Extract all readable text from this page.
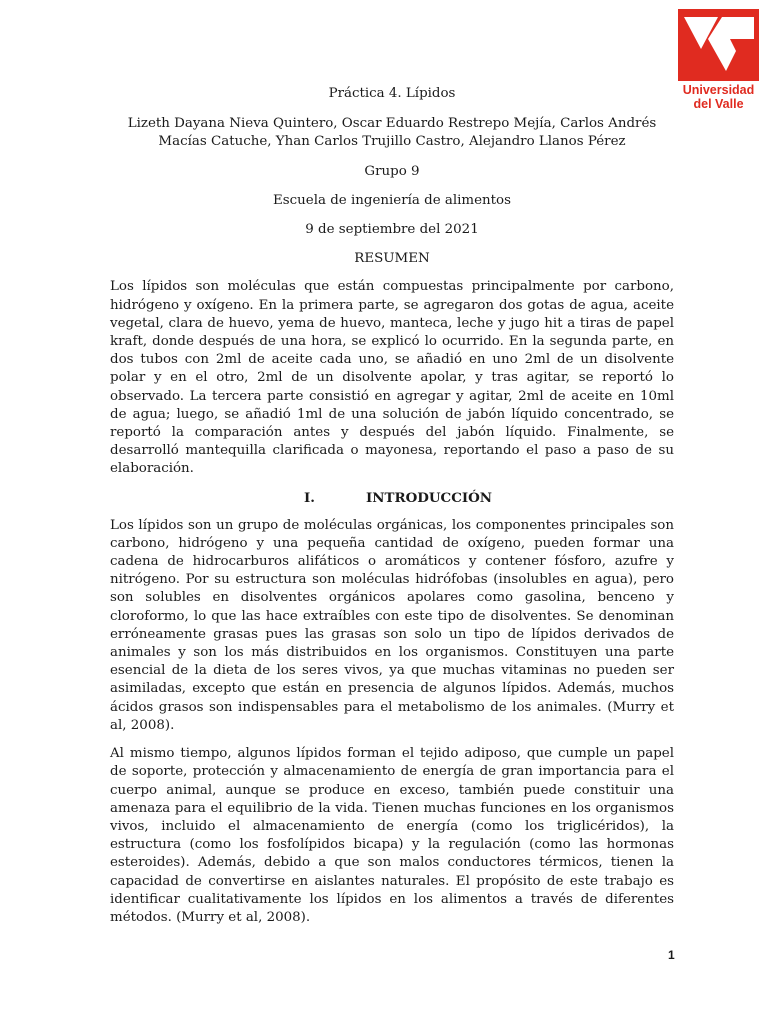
Universidad
del Valle

Práctica 4. Lípidos

Lizeth Dayana Nieva Quintero, Oscar Eduardo Restrepo Mejía, Carlos Andrés Macías Catuche, Yhan Carlos Trujillo Castro, Alejandro Llanos Pérez

Grupo 9

Escuela de ingeniería de alimentos

9 de septiembre del 2021

RESUMEN

Los lípidos son moléculas que están compuestas principalmente por carbono, hidrógeno y oxígeno. En la primera parte, se agregaron dos gotas de agua, aceite vegetal, clara de huevo, yema de huevo, manteca, leche y jugo hit a tiras de papel kraft, donde después de una hora, se explicó lo ocurrido. En la segunda parte, en dos tubos con 2ml de aceite cada uno, se añadió en uno 2ml de un disolvente polar y en el otro, 2ml de un disolvente apolar, y tras agitar, se reportó lo observado. La tercera parte consistió en agregar y agitar, 2ml de aceite en 10ml de agua; luego, se añadió 1ml de una solución de jabón líquido concentrado, se reportó la comparación antes y después del jabón líquido. Finalmente, se desarrolló mantequilla clarificada o mayonesa, reportando el paso a paso de su elaboración.

I.	INTRODUCCIÓN

Los lípidos son un grupo de moléculas orgánicas, los componentes principales son carbono, hidrógeno y una pequeña cantidad de oxígeno, pueden formar una cadena de hidrocarburos alifáticos o aromáticos y contener fósforo, azufre y nitrógeno. Por su estructura son moléculas hidrófobas (insolubles en agua), pero son solubles en disolventes orgánicos apolares como gasolina, benceno y cloroformo, lo que las hace extraíbles con este tipo de disolventes. Se denominan erróneamente grasas pues las grasas son solo un tipo de lípidos derivados de animales y son los más distribuidos en los organismos. Constituyen una parte esencial de la dieta de los seres vivos, ya que muchas vitaminas no pueden ser asimiladas, excepto que están en presencia de algunos lípidos. Además, muchos ácidos grasos son indispensables para el metabolismo de los animales. (Murry et al, 2008).

Al mismo tiempo, algunos lípidos forman el tejido adiposo, que cumple un papel de soporte, protección y almacenamiento de energía de gran importancia para el cuerpo animal, aunque se produce en exceso, también puede constituir una amenaza para el equilibrio de la vida. Tienen muchas funciones en los organismos vivos, incluido el almacenamiento de energía (como los triglicéridos), la estructura (como los fosfolípidos bicapa) y la regulación (como las hormonas esteroides). Además, debido a que son malos conductores térmicos, tienen la capacidad de convertirse en aislantes naturales. El propósito de este trabajo es identificar cualitativamente los lípidos en los alimentos a través de diferentes métodos. (Murry et al, 2008).

1
